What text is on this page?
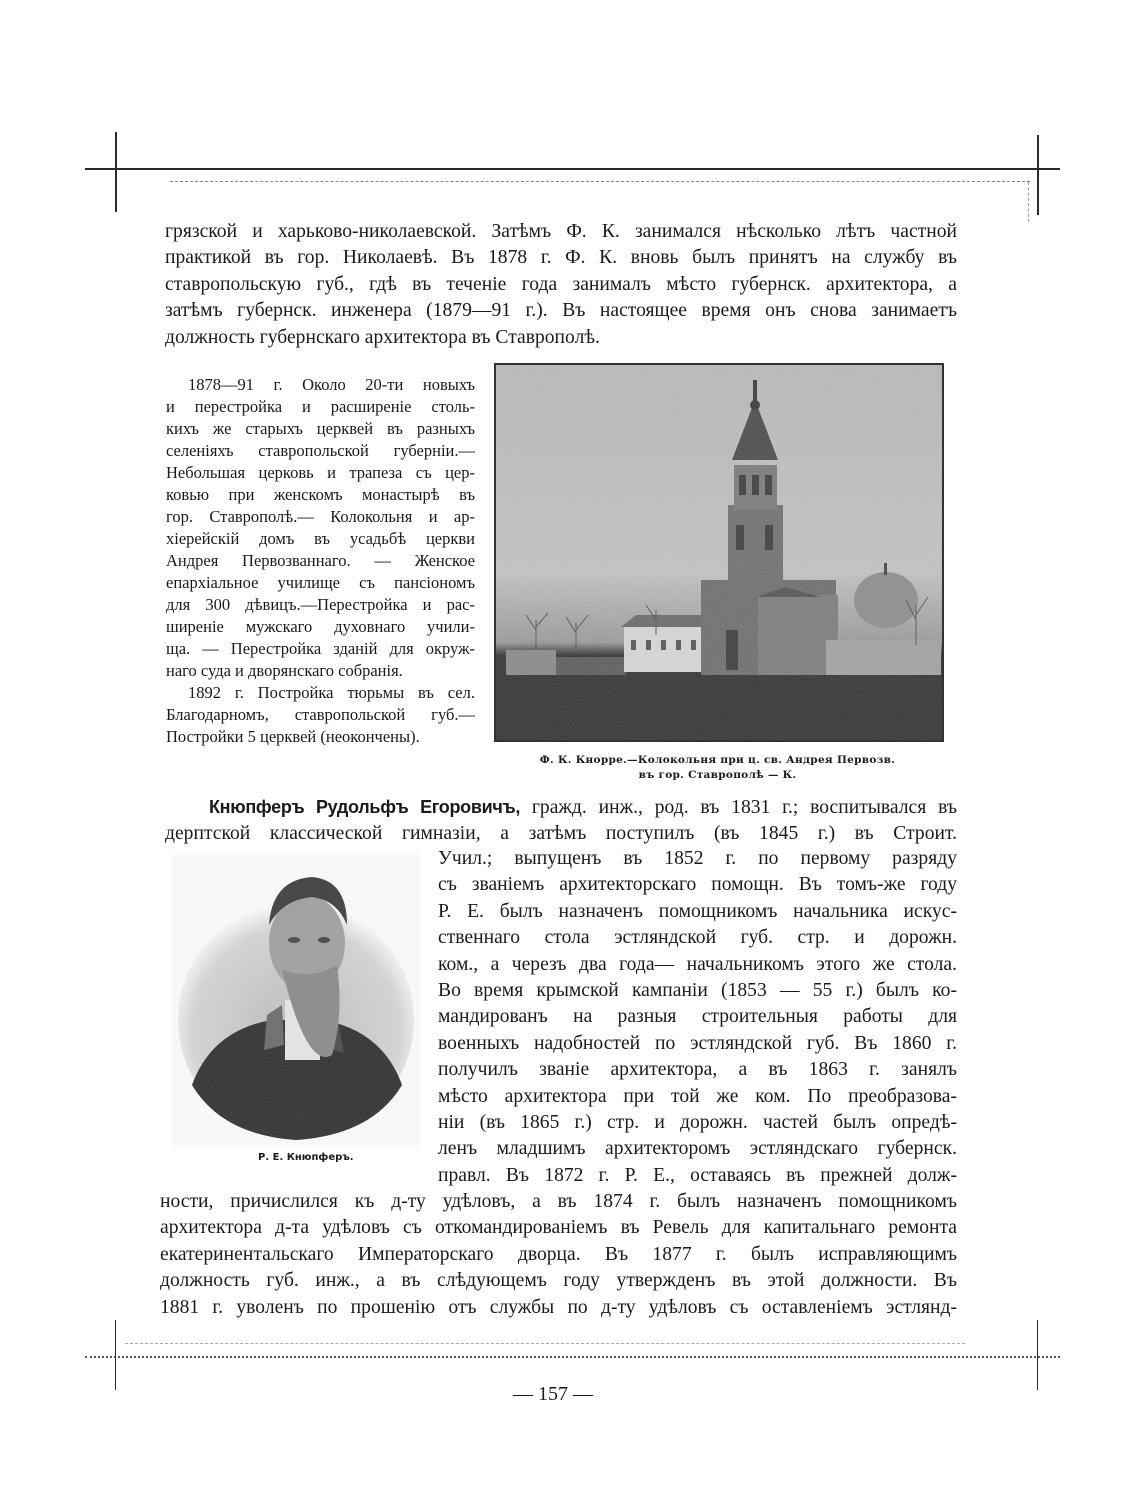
грязской и харьково-николаевской. Затѣмъ Ф. К. занимался нѣсколько лѣтъ частной
практикой въ гор. Николаевѣ. Въ 1878 г. Ф. К. вновь былъ принятъ на службу въ
ставропольскую губ., гдѣ въ теченіе года занималъ мѣсто губернск. архитектора, а
затѣмъ губернск. инженера (1879—91 г.). Въ настоящее время онъ снова занимаетъ
должность губернскаго архитектора въ Ставрополѣ.
1878—91 г. Около 20-ти новыхъ
и перестройка и расширеніе столь-
кихъ же старыхъ церквей въ разныхъ
селеніяхъ ставропольской губерніи.—
Небольшая церковь и трапеза съ цер-
ковью при женскомъ монастырѣ въ
гор. Ставрополѣ.— Колокольня и ар-
хіерейскій домъ въ усадьбѣ церкви
Андрея Первозваннаго. — Женское
епархіальное училище съ пансіономъ
для 300 дѣвицъ.—Перестройка и рас-
ширеніе мужскаго духовнаго учили-
ща. — Перестройка зданій для окруж-
наго суда и дворянскаго собранія.
1892 г. Постройка тюрьмы въ сел.
Благодарномъ, ставропольской губ.—
Постройки 5 церквей (неокончены).
Ф. К. Кнорре.—Колокольня при ц. св. Андрея Первозв.
въ гор. Ставрополѣ — К.
Кнюпферъ Рудольфъ Егоровичъ, гражд. инж., род. въ 1831 г.; воспитывался въ
дерптской классической гимназіи, а затѣмъ поступилъ (въ 1845 г.) въ Строит.
Р. Е. Кнюпферъ.
Учил.; выпущенъ въ 1852 г. по первому разряду
съ званіемъ архитекторскаго помощн. Въ томъ-же году
Р. Е. былъ назначенъ помощникомъ начальника искус-
ственнаго стола эстляндской губ. стр. и дорожн.
ком., а черезъ два года— начальникомъ этого же стола.
Во время крымской кампаніи (1853 — 55 г.) былъ ко-
мандированъ на разныя строительныя работы для
военныхъ надобностей по эстляндской губ. Въ 1860 г.
получилъ званіе архитектора, а въ 1863 г. занялъ
мѣсто архитектора при той же ком. По преобразова-
ніи (въ 1865 г.) стр. и дорожн. частей былъ опредѣ-
ленъ младшимъ архитекторомъ эстляндскаго губернск.
правл. Въ 1872 г. Р. Е., оставаясь въ прежней долж-
ности, причислился къ д-ту удѣловъ, а въ 1874 г. былъ назначенъ помощникомъ
архитектора д-та удѣловъ съ откомандированіемъ въ Ревель для капитальнаго ремонта
екатеринентальскаго Императорскаго дворца. Въ 1877 г. былъ исправляющимъ
должность губ. инж., а въ слѣдующемъ году утвержденъ въ этой должности. Въ
1881 г. уволенъ по прошенію отъ службы по д-ту удѣловъ съ оставленіемъ эстлянд-
— 157 —
